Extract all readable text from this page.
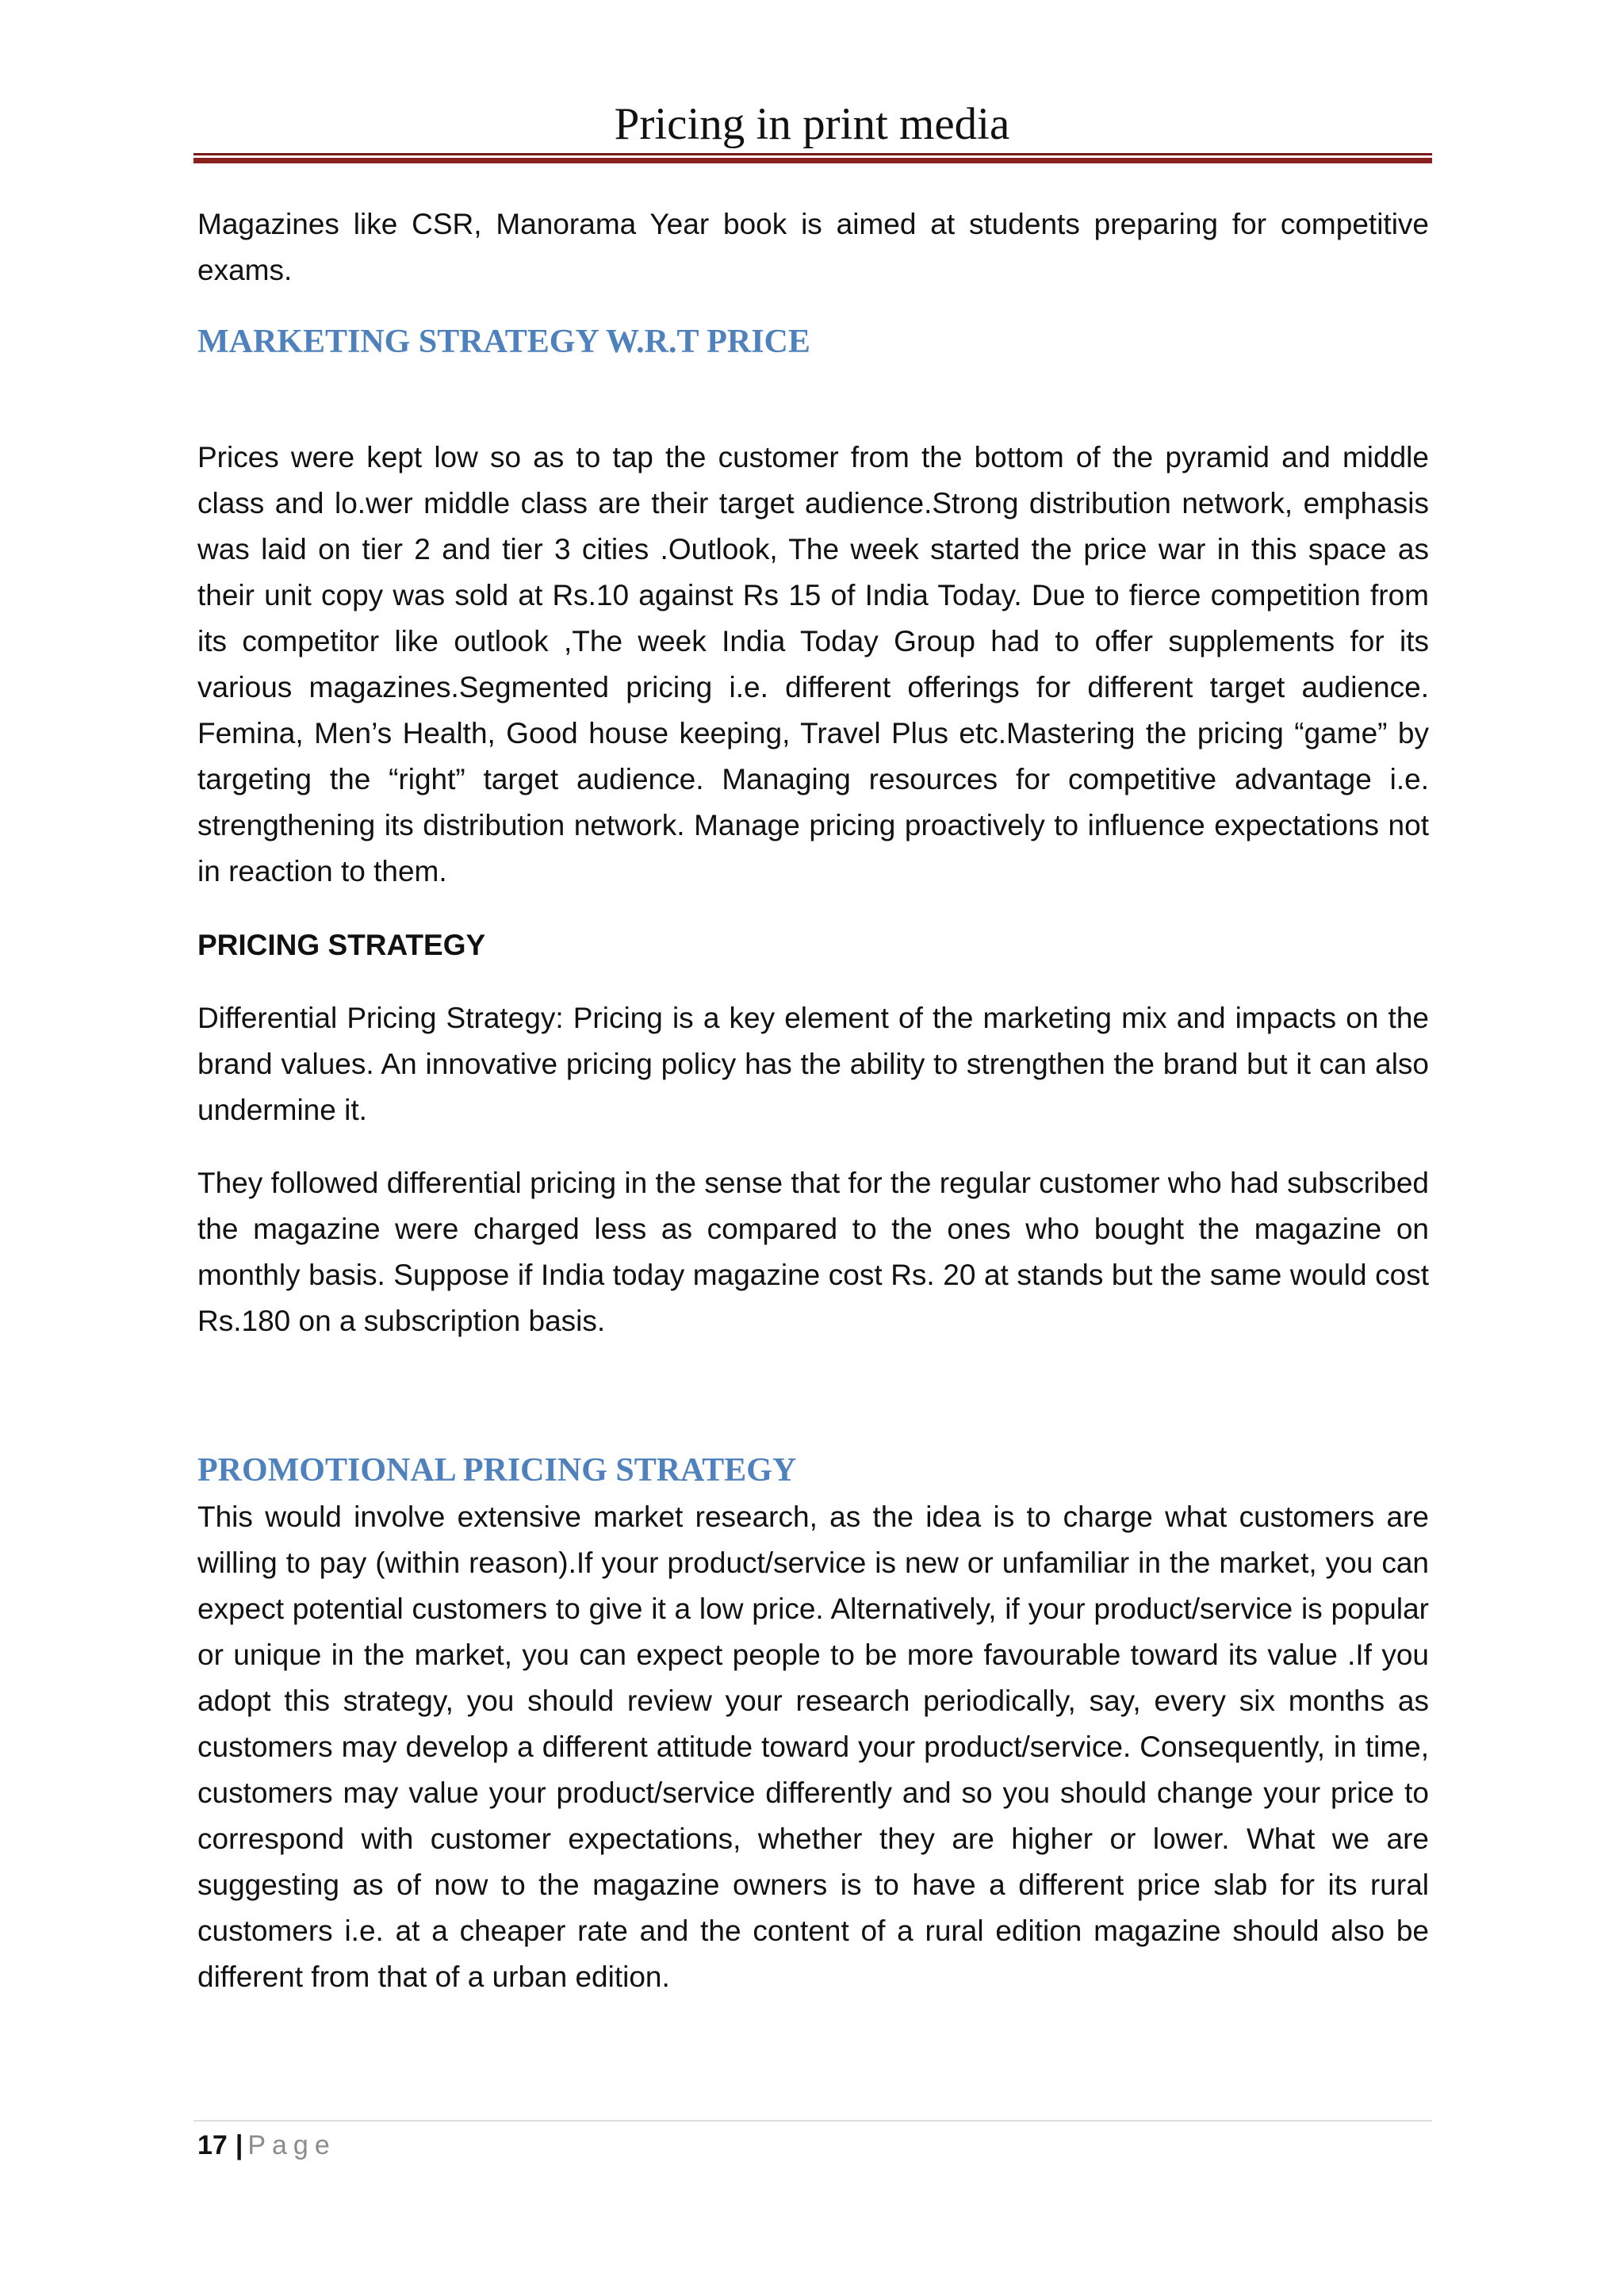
Pricing in print media

Magazines like CSR, Manorama Year book is aimed at students preparing for competitive exams.

MARKETING STRATEGY W.R.T PRICE

Prices were kept low so as to tap the customer from the bottom of the pyramid and middle class and lo.wer middle class are their target audience.Strong distribution network, emphasis was laid on tier 2 and tier 3 cities .Outlook, The week started the price war in this space as their unit copy was sold at Rs.10 against Rs 15 of India Today. Due to fierce competition from its competitor like outlook ,The week India Today Group had to offer supplements for its various magazines.Segmented pricing i.e. different offerings for different target audience. Femina, Men’s Health, Good house keeping, Travel Plus etc.Mastering the pricing “game” by targeting the “right” target audience. Managing resources for competitive advantage i.e. strengthening its distribution network. Manage pricing proactively to influence expectations not in reaction to them.

PRICING STRATEGY

Differential Pricing Strategy: Pricing is a key element of the marketing mix and impacts on the brand values. An innovative pricing policy has the ability to strengthen the brand but it can also undermine it.

They followed differential pricing in the sense that for the regular customer who had subscribed the magazine were charged less as compared to the ones who bought the magazine on monthly basis. Suppose if India today magazine cost Rs. 20 at stands but the same would cost Rs.180 on a subscription basis.

PROMOTIONAL PRICING STRATEGY

This would involve extensive market research, as the idea is to charge what customers are willing to pay (within reason).If your product/service is new or unfamiliar in the market, you can expect potential customers to give it a low price. Alternatively, if your product/service is popular or unique in the market, you can expect people to be more favourable toward its value .If you adopt this strategy, you should review your research periodically, say, every six months as customers may develop a different attitude toward your product/service. Consequently, in time, customers may value your product/service differently and so you should change your price to correspond with customer expectations, whether they are higher or lower. What we are suggesting as of now to the magazine owners is to have a different price slab for its rural customers i.e. at a cheaper rate and the content of a rural edition magazine should also be different from that of a urban edition.

17 | Page
